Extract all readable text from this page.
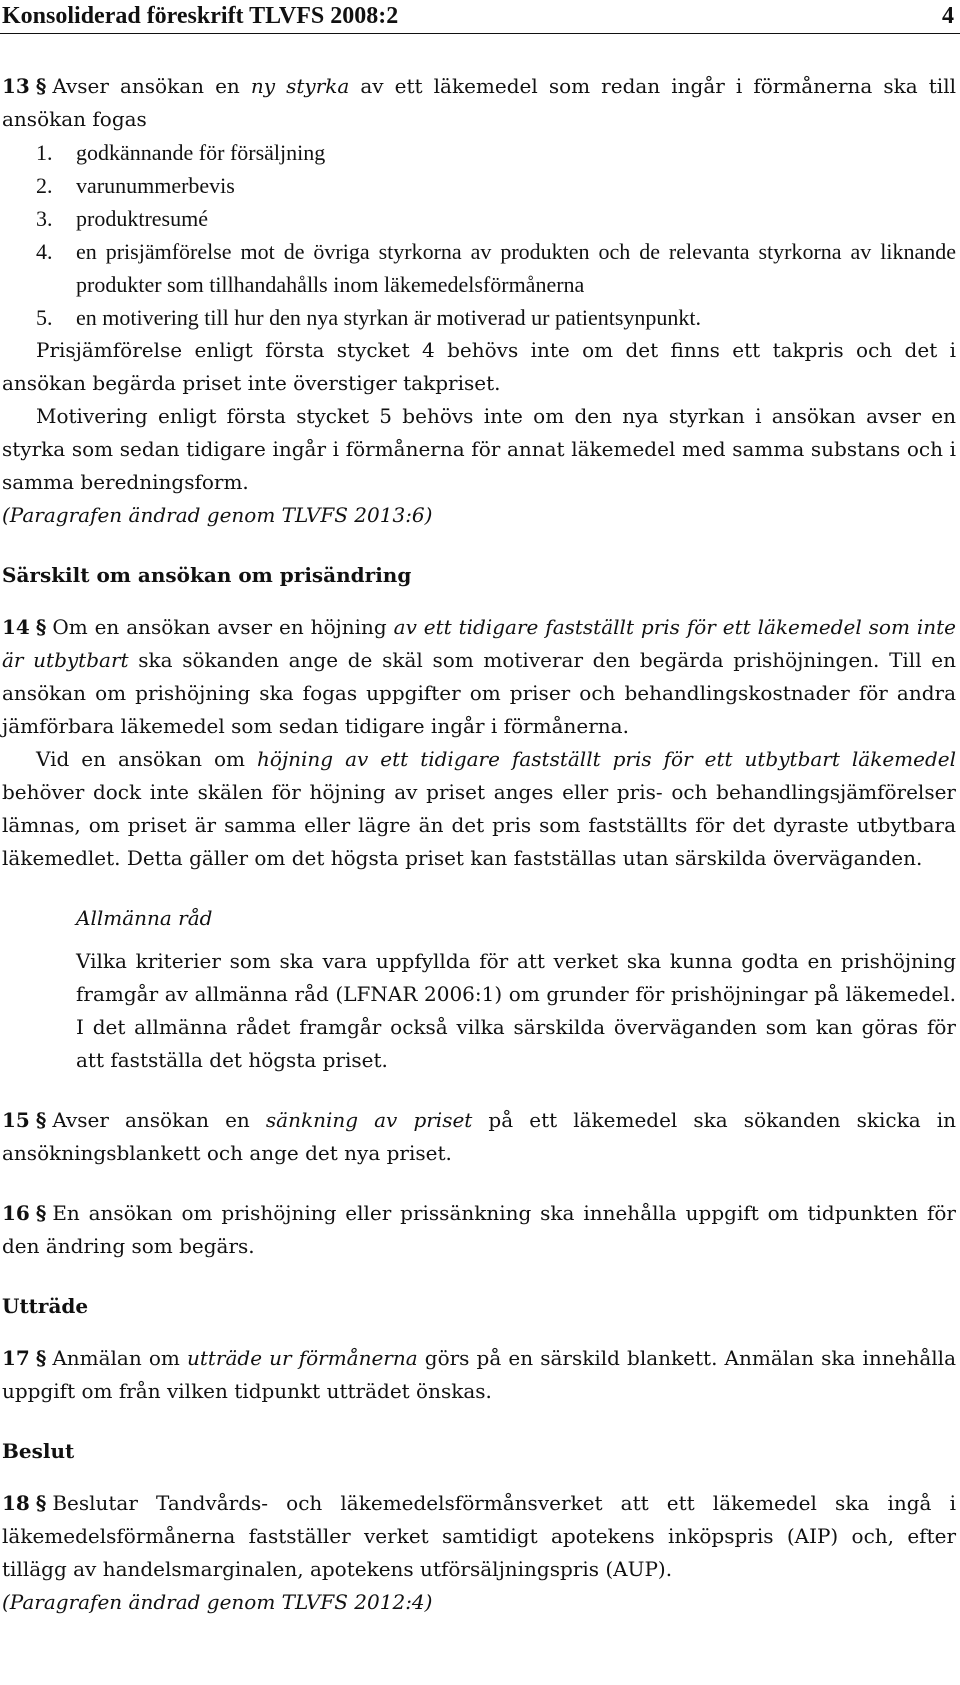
Konsoliderad föreskrift TLVFS 2008:2	4

13 § Avser ansökan en ny styrka av ett läkemedel som redan ingår i förmånerna ska till ansökan fogas

1.	godkännande för försäljning
2.	varunummerbevis
3.	produktresumé
4.	en prisjämförelse mot de övriga styrkorna av produkten och de relevanta styrkorna av liknande produkter som tillhandahålls inom läkemedelsförmånerna
5.	en motivering till hur den nya styrkan är motiverad ur patientsynpunkt.

Prisjämförelse enligt första stycket 4 behövs inte om det finns ett takpris och det i ansökan begärda priset inte överstiger takpriset.

Motivering enligt första stycket 5 behövs inte om den nya styrkan i ansökan avser en styrka som sedan tidigare ingår i förmånerna för annat läkemedel med samma substans och i samma beredningsform.

(Paragrafen ändrad genom TLVFS 2013:6)

Särskilt om ansökan om prisändring

14 § Om en ansökan avser en höjning av ett tidigare fastställt pris för ett läkemedel som inte är utbytbart ska sökanden ange de skäl som motiverar den begärda prishöjningen. Till en ansökan om prishöjning ska fogas uppgifter om priser och behandlingskostnader för andra jämförbara läkemedel som sedan tidigare ingår i förmånerna.

Vid en ansökan om höjning av ett tidigare fastställt pris för ett utbytbart läkemedel behöver dock inte skälen för höjning av priset anges eller pris- och behandlingsjämförelser lämnas, om priset är samma eller lägre än det pris som fastställts för det dyraste utbytbara läkemedlet. Detta gäller om det högsta priset kan fastställas utan särskilda överväganden.

Allmänna råd

Vilka kriterier som ska vara uppfyllda för att verket ska kunna godta en prishöjning framgår av allmänna råd (LFNAR 2006:1) om grunder för prishöjningar på läkemedel. I det allmänna rådet framgår också vilka särskilda överväganden som kan göras för att fastställa det högsta priset.

15 § Avser ansökan en sänkning av priset på ett läkemedel ska sökanden skicka in ansökningsblankett och ange det nya priset.

16 § En ansökan om prishöjning eller prissänkning ska innehålla uppgift om tidpunkten för den ändring som begärs.

Utträde

17 § Anmälan om utträde ur förmånerna görs på en särskild blankett. Anmälan ska innehålla uppgift om från vilken tidpunkt utträdet önskas.

Beslut

18 § Beslutar Tandvårds- och läkemedelsförmånsverket att ett läkemedel ska ingå i läkemedelsförmånerna fastställer verket samtidigt apotekens inköpspris (AIP) och, efter tillägg av handelsmarginalen, apotekens utförsäljningspris (AUP).

(Paragrafen ändrad genom TLVFS 2012:4)
